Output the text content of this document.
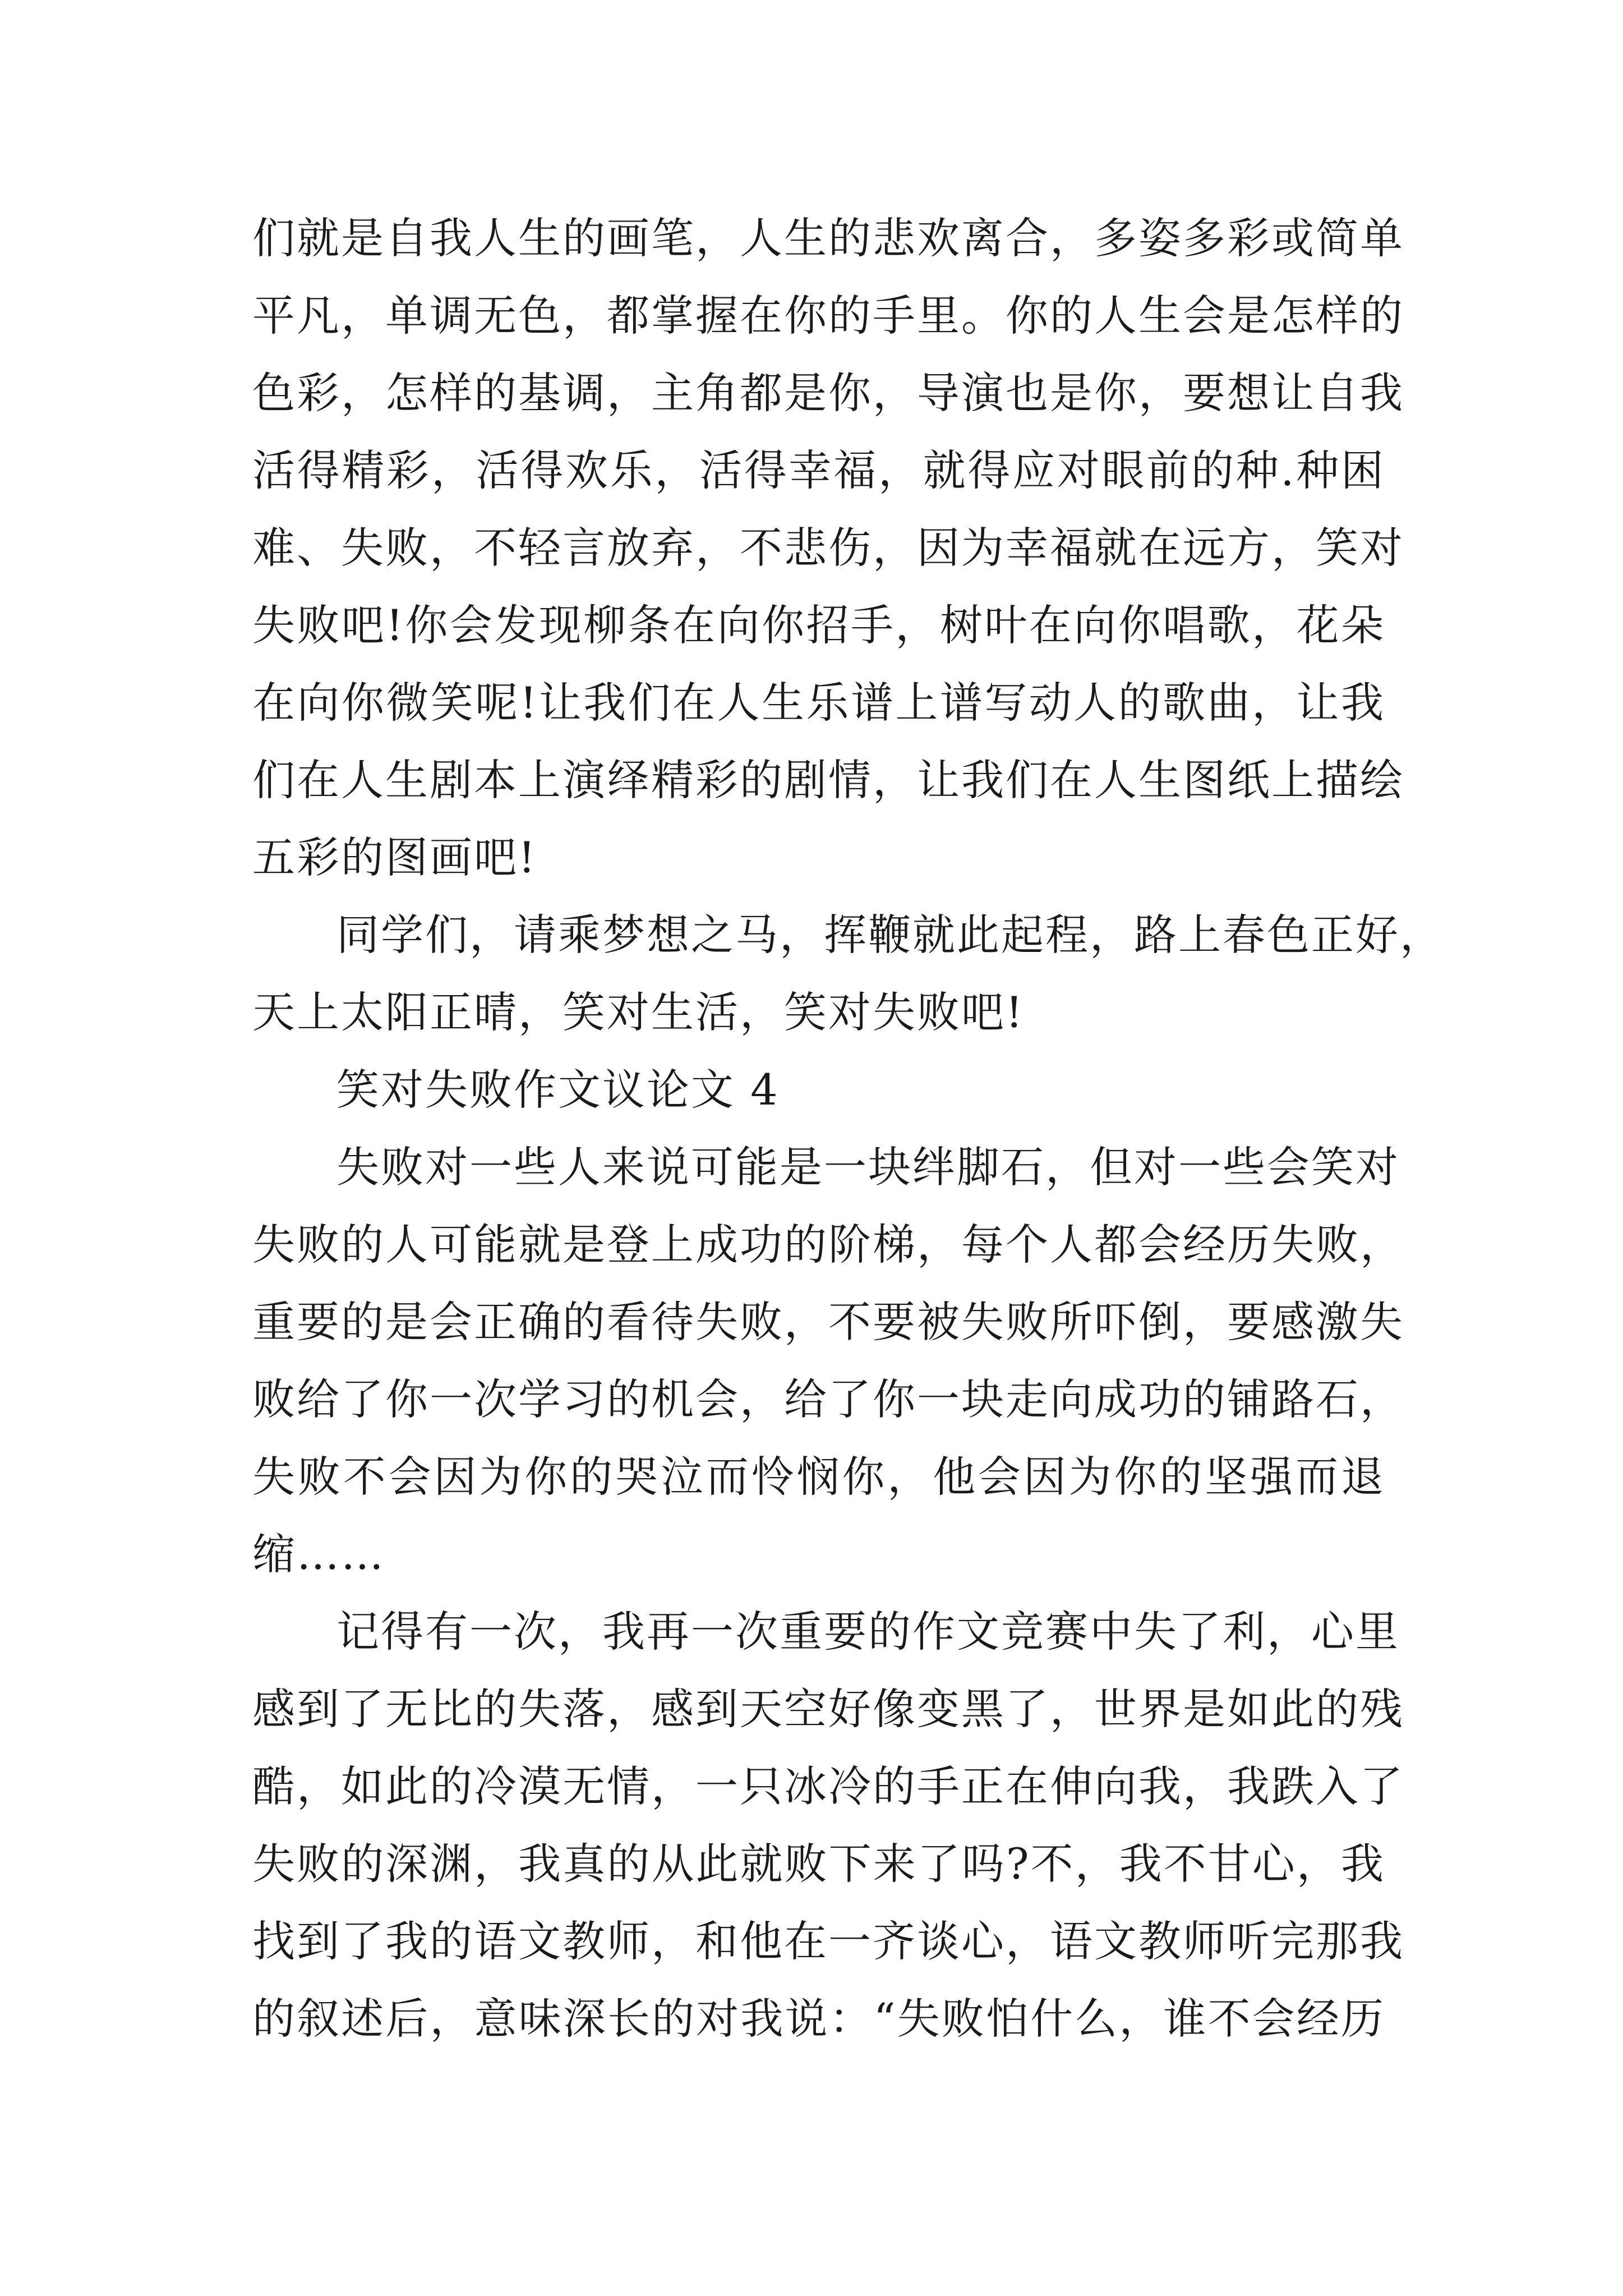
们就是自我人生的画笔，人生的悲欢离合，多姿多彩或简单
平凡，单调无色，都掌握在你的手里。你的人生会是怎样的
色彩，怎样的基调，主角都是你，导演也是你，要想让自我
活得精彩，活得欢乐，活得幸福，就得应对眼前的种.种困
难、失败，不轻言放弃，不悲伤，因为幸福就在远方，笑对
失败吧!你会发现柳条在向你招手，树叶在向你唱歌，花朵
在向你微笑呢!让我们在人生乐谱上谱写动人的歌曲，让我
们在人生剧本上演绎精彩的剧情，让我们在人生图纸上描绘
五彩的图画吧!
同学们，请乘梦想之马，挥鞭就此起程，路上春色正好，
天上太阳正晴，笑对生活，笑对失败吧!
笑对失败作文议论文 4
失败对一些人来说可能是一块绊脚石，但对一些会笑对
失败的人可能就是登上成功的阶梯，每个人都会经历失败，
重要的是会正确的看待失败，不要被失败所吓倒，要感激失
败给了你一次学习的机会，给了你一块走向成功的铺路石，
失败不会因为你的哭泣而怜悯你，他会因为你的坚强而退
缩……
记得有一次，我再一次重要的作文竞赛中失了利，心里
感到了无比的失落，感到天空好像变黑了，世界是如此的残
酷，如此的冷漠无情，一只冰冷的手正在伸向我，我跌入了
失败的深渊，我真的从此就败下来了吗?不，我不甘心，我
找到了我的语文教师，和他在一齐谈心，语文教师听完那我
的叙述后，意味深长的对我说：“失败怕什么，谁不会经历
